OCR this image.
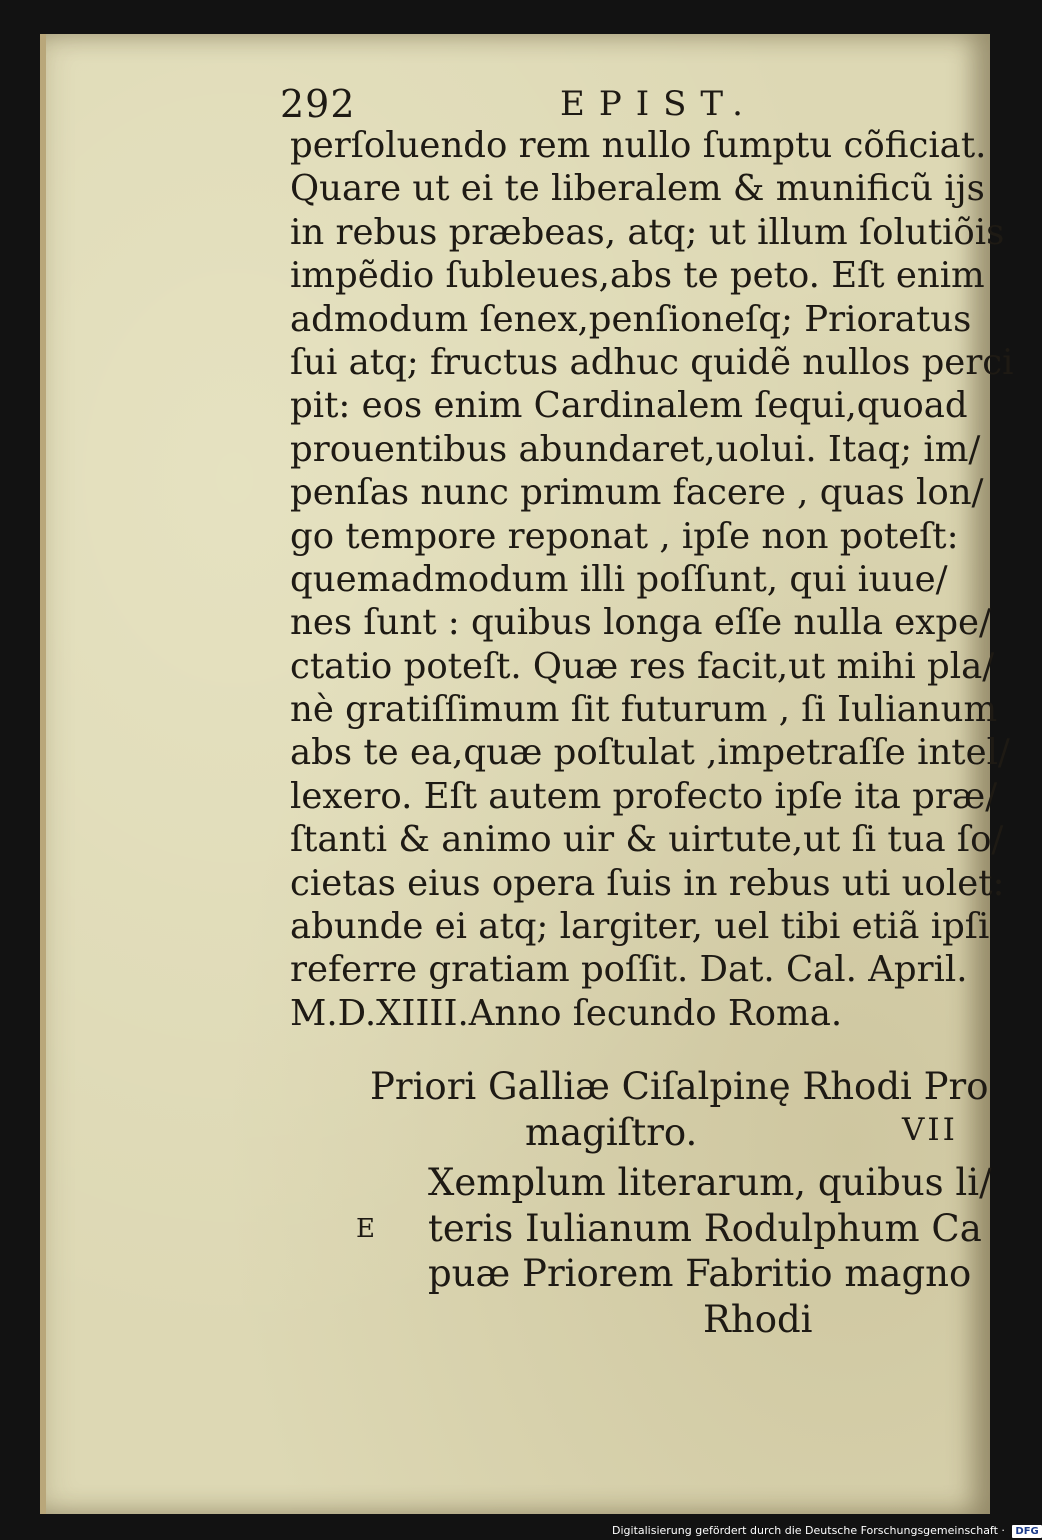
292	EPIST.
perſoluendo rem nullo ſumptu cõficiat.
Quare ut ei te liberalem & munificũ ijs
in rebus præbeas, atq; ut illum ſolutiõis
impẽdio ſubleues,abs te peto. Eſt enim
admodum ſenex,penſioneſq; Prioratus
ſui atq; fructus adhuc quidẽ nullos perci
pit: eos enim Cardinalem ſequi,quoad
prouentibus abundaret,uolui. Itaq; im/
penſas nunc primum facere , quas lon/
go tempore reponat , ipſe non poteſt:
quemadmodum illi poſſunt, qui iuue/
nes ſunt : quibus longa eſſe nulla expe/
ctatio poteſt. Quæ res facit,ut mihi pla/
nè gratiſſimum ſit futurum , ſi Iulianum
abs te ea,quæ poſtulat ,impetraſſe intel/
lexero. Eſt autem profecto ipſe ita præ/
ſtanti & animo uir & uirtute,ut ſi tua ſo/
cietas eius opera ſuis in rebus uti uolet:
abunde ei atq; largiter, uel tibi etiã ipſi
referre gratiam poſſit. Dat. Cal. April.
M.D.XIIII.Anno ſecundo Roma.
Priori Galliæ Ciſalpinę Rhodi Pro
magiſtro.	VII
E
Xemplum literarum, quibus li/
teris Iulianum Rodulphum Ca
puæ Priorem Fabritio magno
Rhodi
Digitalisierung gefördert durch die Deutsche Forschungsgemeinschaft · DFG
